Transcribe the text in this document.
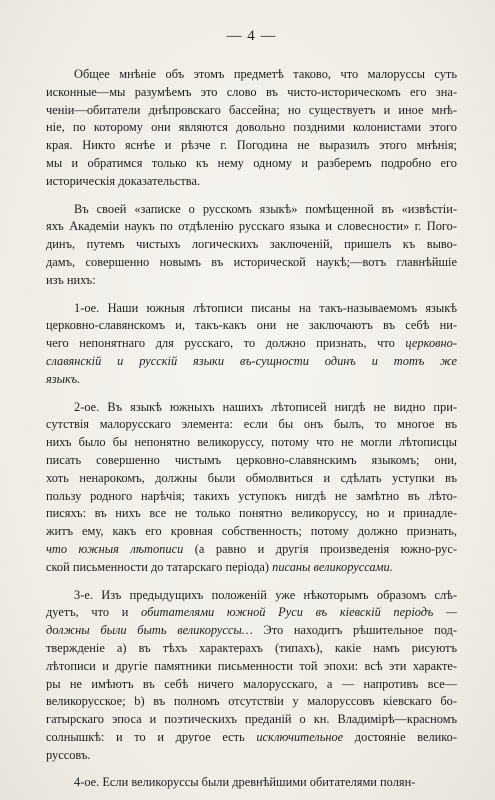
— 4 —
Общее мнѣніе объ этомъ предметѣ таково, что малоруссы суть
исконные—мы разумѣемъ это слово въ чисто-историческомъ его зна-
ченіи—обитатели днѣпровскаго бассейна; но существуетъ и иное мнѣ-
ніе, по которому они являются довольно поздними колонистами этого
края. Никто яснѣе и рѣзче г. Погодина не выразилъ этого мнѣнія;
мы и обратимся только къ нему одному и разберемъ подробно его
историческія доказательства.
Въ своей «записке о русскомъ языкѣ» помѣщенной въ «извѣстіи-
яхъ Академіи наукъ по отдѣленію русскаго языка и словесности» г. Пого-
динъ, путемъ чистыхъ логическихъ заключеній, пришелъ къ выво-
дамъ, совершенно новымъ въ исторической наукѣ;—вотъ главнѣйшіе
изъ нихъ:
1-ое. Наши южныя лѣтописи писаны на такъ-называемомъ языкѣ
церковно-славянскомъ и, такъ-какъ они не заключаютъ въ себѣ ни-
чего непонятнаго для русскаго, то должно признать, что церковно-
славянскій и русскій языки въ-сущности одинъ и тотъ же
языкъ.
2-ое. Въ языкѣ южныхъ нашихъ лѣтописей нигдѣ не видно при-
сутствія малорусскаго элемента: если бы онъ былъ, то многое въ
нихъ было бы непонятно великоруссу, потому что не могли лѣтописцы
писать совершенно чистымъ церковно-славянскимъ языкомъ; они,
хоть ненарокомъ, должны были обмолвиться и сдѣлать уступки въ
пользу родного нарѣчія; такихъ уступокъ нигдѣ не замѣтно въ лѣто-
писяхъ: въ нихъ все не только понятно великоруссу, но и принадле-
житъ ему, какъ его кровная собственность; потому должно признать,
что южныя лѣтописи (а равно и другія произведенія южно-рус-
ской письменности до татарскаго періода) писаны великоруссами.
3-е. Изъ предыдущихъ положеній уже нѣкоторымъ образомъ слѣ-
дуетъ, что и обитателями южной Руси въ кіевскій періодъ —
должны были быть великоруссы… Это находитъ рѣшительное под-
твержденіе a) въ тѣхъ характерахъ (типахъ), какіе намъ рисуютъ
лѣтописи и другіе памятники письменности той эпохи: всѣ эти характе-
ры не имѣютъ въ себѣ ничего малорусскаго, а — напротивъ все—
великорусское; b) въ полномъ отсутствіи у малоруссовъ кіевскаго бо-
гатырскаго эпоса и поэтическихъ преданій о кн. Владимірѣ—красномъ
солнышкѣ: и то и другое есть исключительное достояніе велико-
руссовъ.
4-ое. Если великоруссы были древнѣйшими обитателями полян-
